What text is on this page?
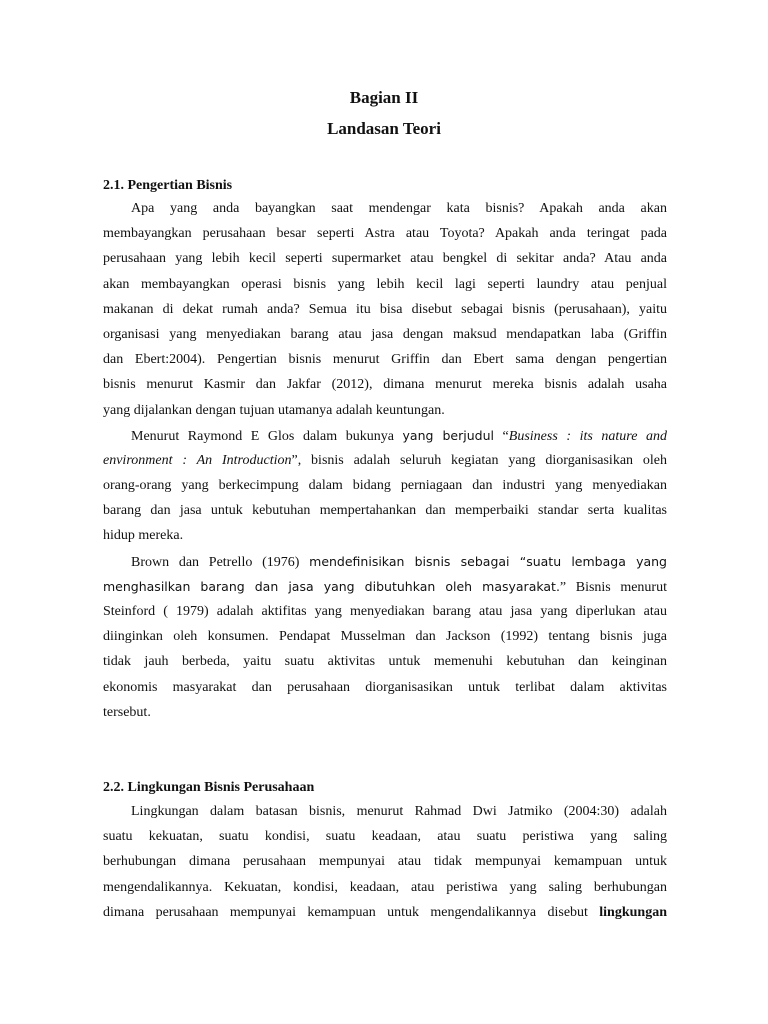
Bagian II
Landasan Teori
2.1. Pengertian Bisnis
Apa yang anda bayangkan saat mendengar kata bisnis? Apakah anda akan
membayangkan perusahaan besar seperti Astra atau Toyota? Apakah anda teringat pada
perusahaan yang lebih kecil seperti supermarket atau bengkel di sekitar anda? Atau anda
akan membayangkan operasi bisnis yang lebih kecil lagi seperti laundry atau penjual
makanan di dekat rumah anda? Semua itu bisa disebut sebagai bisnis (perusahaan), yaitu
organisasi yang menyediakan barang atau jasa dengan maksud mendapatkan laba (Griffin
dan Ebert:2004). Pengertian bisnis menurut Griffin dan Ebert sama dengan pengertian
bisnis menurut Kasmir dan Jakfar (2012), dimana menurut mereka bisnis adalah usaha
yang dijalankan dengan tujuan utamanya adalah keuntungan.
Menurut Raymond E Glos dalam bukunya yang berjudul “Business : its nature and
environment : An Introduction”, bisnis adalah seluruh kegiatan yang diorganisasikan oleh
orang-orang yang berkecimpung dalam bidang perniagaan dan industri yang menyediakan
barang dan jasa untuk kebutuhan mempertahankan dan memperbaiki standar serta kualitas
hidup mereka.
Brown dan Petrello (1976) mendefinisikan bisnis sebagai “suatu lembaga yang
menghasilkan barang dan jasa yang dibutuhkan oleh masyarakat.” Bisnis menurut
Steinford ( 1979) adalah aktifitas yang menyediakan barang atau jasa yang diperlukan atau
diinginkan oleh konsumen. Pendapat Musselman dan Jackson (1992) tentang bisnis juga
tidak jauh berbeda, yaitu suatu aktivitas untuk memenuhi kebutuhan dan keinginan
ekonomis masyarakat dan perusahaan diorganisasikan untuk terlibat dalam aktivitas
tersebut.
2.2. Lingkungan Bisnis Perusahaan
Lingkungan dalam batasan bisnis, menurut Rahmad Dwi Jatmiko (2004:30) adalah
suatu kekuatan, suatu kondisi, suatu keadaan, atau suatu peristiwa yang saling
berhubungan dimana perusahaan mempunyai atau tidak mempunyai kemampuan untuk
mengendalikannya. Kekuatan, kondisi, keadaan, atau peristiwa yang saling berhubungan
dimana perusahaan mempunyai kemampuan untuk mengendalikannya disebut lingkungan
